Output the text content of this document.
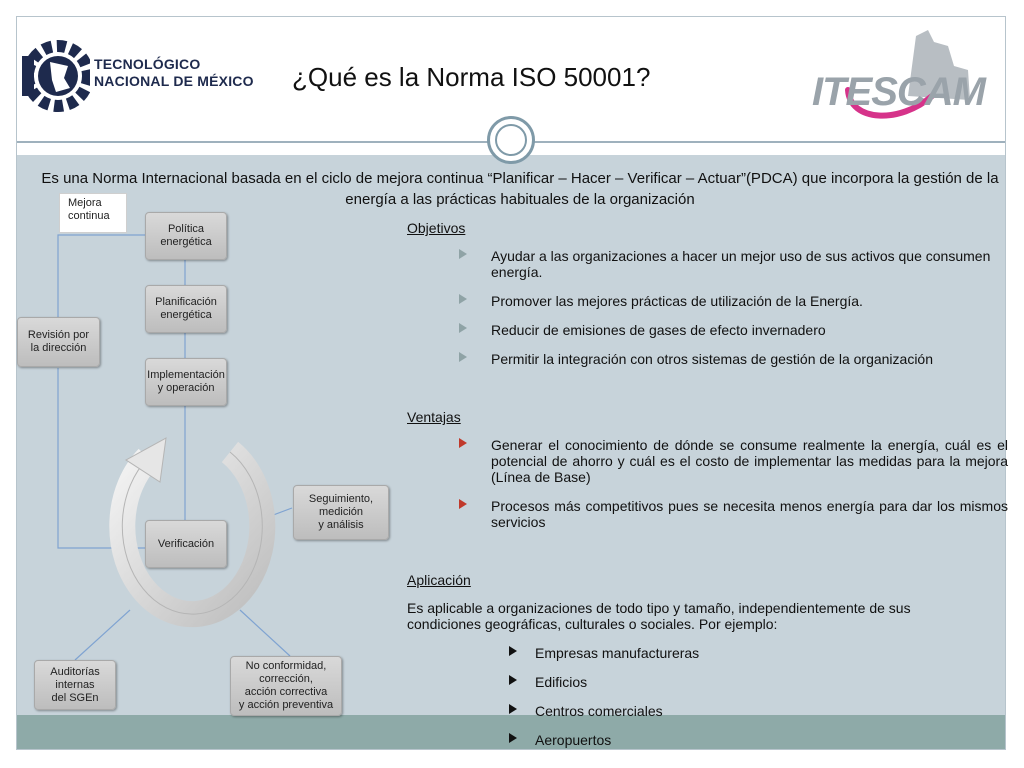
TECNOLÓGICO
NACIONAL DE MÉXICO ¿Qué es la Norma ISO 50001?	ITESCAM
Es una Norma Internacional basada en el ciclo de mejora continua “Planificar – Hacer – Verificar – Actuar”(PDCA) que incorpora la gestión de la energía a las prácticas habituales de la organización
Mejora
continua
Política energética
Planificación
energética
Implementación
y operación
Revisión por
la dirección
Seguimiento, medición
y análisis
Verificación
Auditorías internas
del SGEn
No conformidad, corrección,
acción correctiva
y acción preventiva
Objetivos
Ayudar a las organizaciones a hacer un mejor uso de sus activos que consumen energía.
Promover las mejores prácticas de utilización de la Energía.
Reducir de emisiones de gases de efecto invernadero
Permitir la integración con otros sistemas de gestión de la organización
Ventajas
Generar el conocimiento de dónde se consume realmente la energía, cuál es el potencial de ahorro y cuál es el costo de implementar las medidas para la mejora (Línea de Base)
Procesos más competitivos pues se necesita menos energía para dar los mismos servicios
Aplicación
Es aplicable a organizaciones de todo tipo y tamaño, independientemente de sus condiciones geográficas, culturales o sociales. Por ejemplo:
Empresas manufactureras
Edificios
Centros comerciales
Aeropuertos
